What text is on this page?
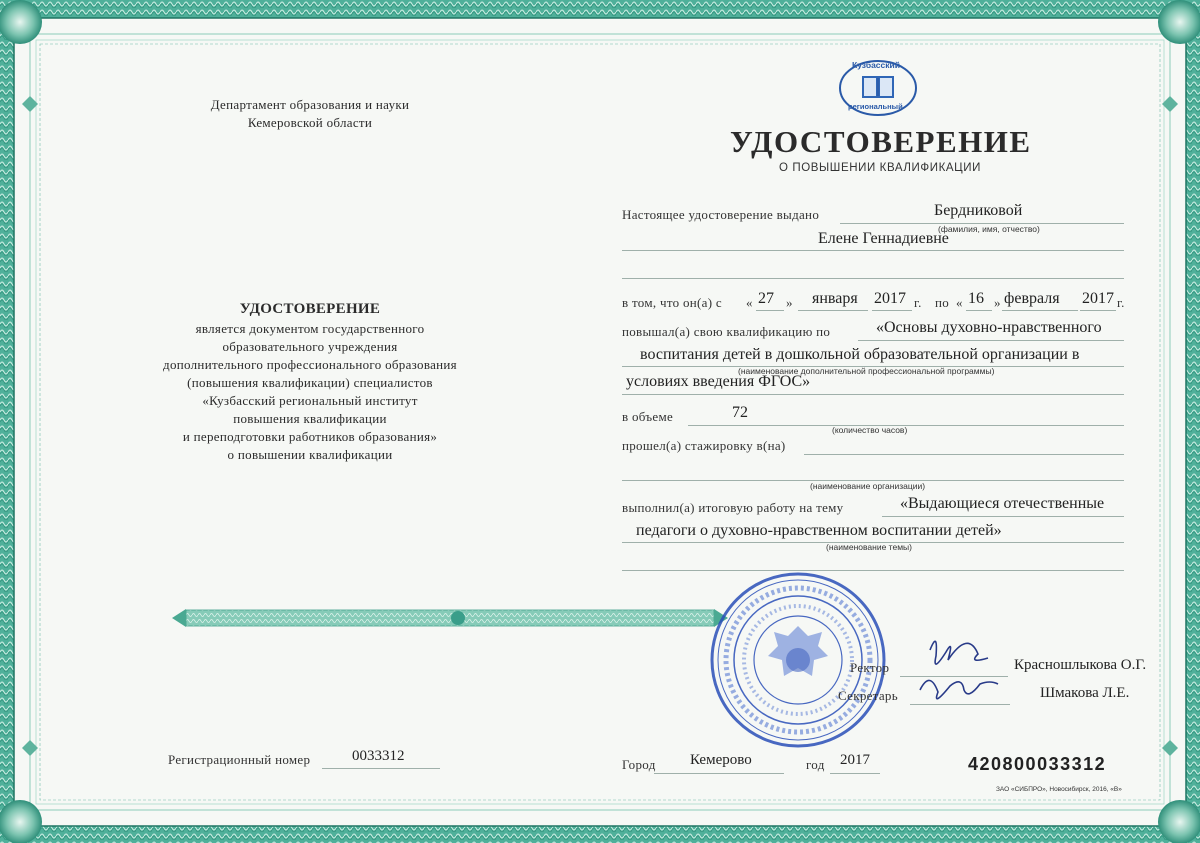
Департамент образования и науки
Кемеровской области
УДОСТОВЕРЕНИЕ
является документом государственного
образовательного учреждения
дополнительного профессионального образования
(повышения квалификации) специалистов
«Кузбасский региональный институт
повышения квалификации
и переподготовки работников образования»
о повышении квалификации
Регистрационный номер	0033312
Кузбасский
региональный
УДОСТОВЕРЕНИЕ
О ПОВЫШЕНИИ КВАЛИФИКАЦИИ
Настоящее удостоверение выдано	Бердниковой
(фамилия, имя, отчество)
Елене Геннадиевне
в том, что он(а) с « 27 » января 2017 г. по « 16 » февраля 2017 г.
повышал(а) свою квалификацию по	«Основы духовно-нравственного
воспитания детей в дошкольной образовательной организации в
(наименование дополнительной профессиональной программы)
условиях введения ФГОС»
в объеме	72
(количество часов)
прошел(а) стажировку в(на)
(наименование организации)
выполнил(а) итоговую работу на тему	«Выдающиеся отечественные
педагоги о духовно-нравственном воспитании детей»
(наименование темы)
Ректор	Красношлыкова О.Г.
Секретарь	Шмакова Л.Е.
Город Кемерово	год 2017	420800033312
ЗАО «СИБПРО», Новосибирск, 2016, «В»
